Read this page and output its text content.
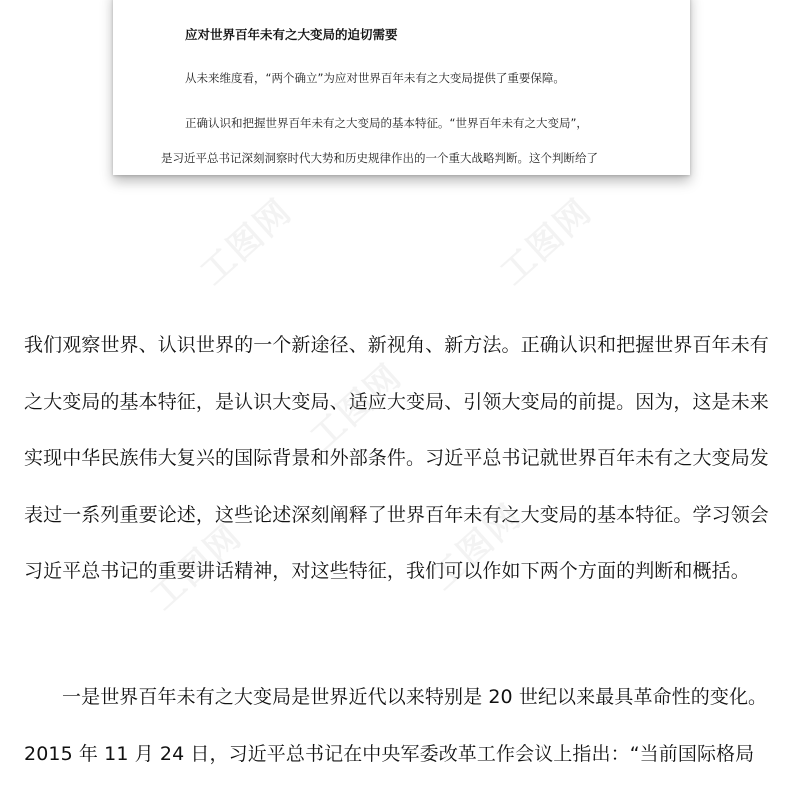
应对世界百年未有之大变局的迫切需要
从未来维度看，“两个确立”为应对世界百年未有之大变局提供了重要保障。
正确认识和把握世界百年未有之大变局的基本特征。“世界百年未有之大变局”，
是习近平总书记深刻洞察时代大势和历史规律作出的一个重大战略判断。这个判断给了

我们观察世界、认识世界的一个新途径、新视角、新方法。正确认识和把握世界百年未有之大变局的基本特征，是认识大变局、适应大变局、引领大变局的前提。因为，这是未来实现中华民族伟大复兴的国际背景和外部条件。习近平总书记就世界百年未有之大变局发表过一系列重要论述，这些论述深刻阐释了世界百年未有之大变局的基本特征。学习领会习近平总书记的重要讲话精神，对这些特征，我们可以作如下两个方面的判断和概括。

一是世界百年未有之大变局是世界近代以来特别是 20 世纪以来最具革命性的变化。2015 年 11 月 24 日，习近平总书记在中央军委改革工作会议上指出：“当前国际格局

工图网	工图网
工图网
工图网	工图网
